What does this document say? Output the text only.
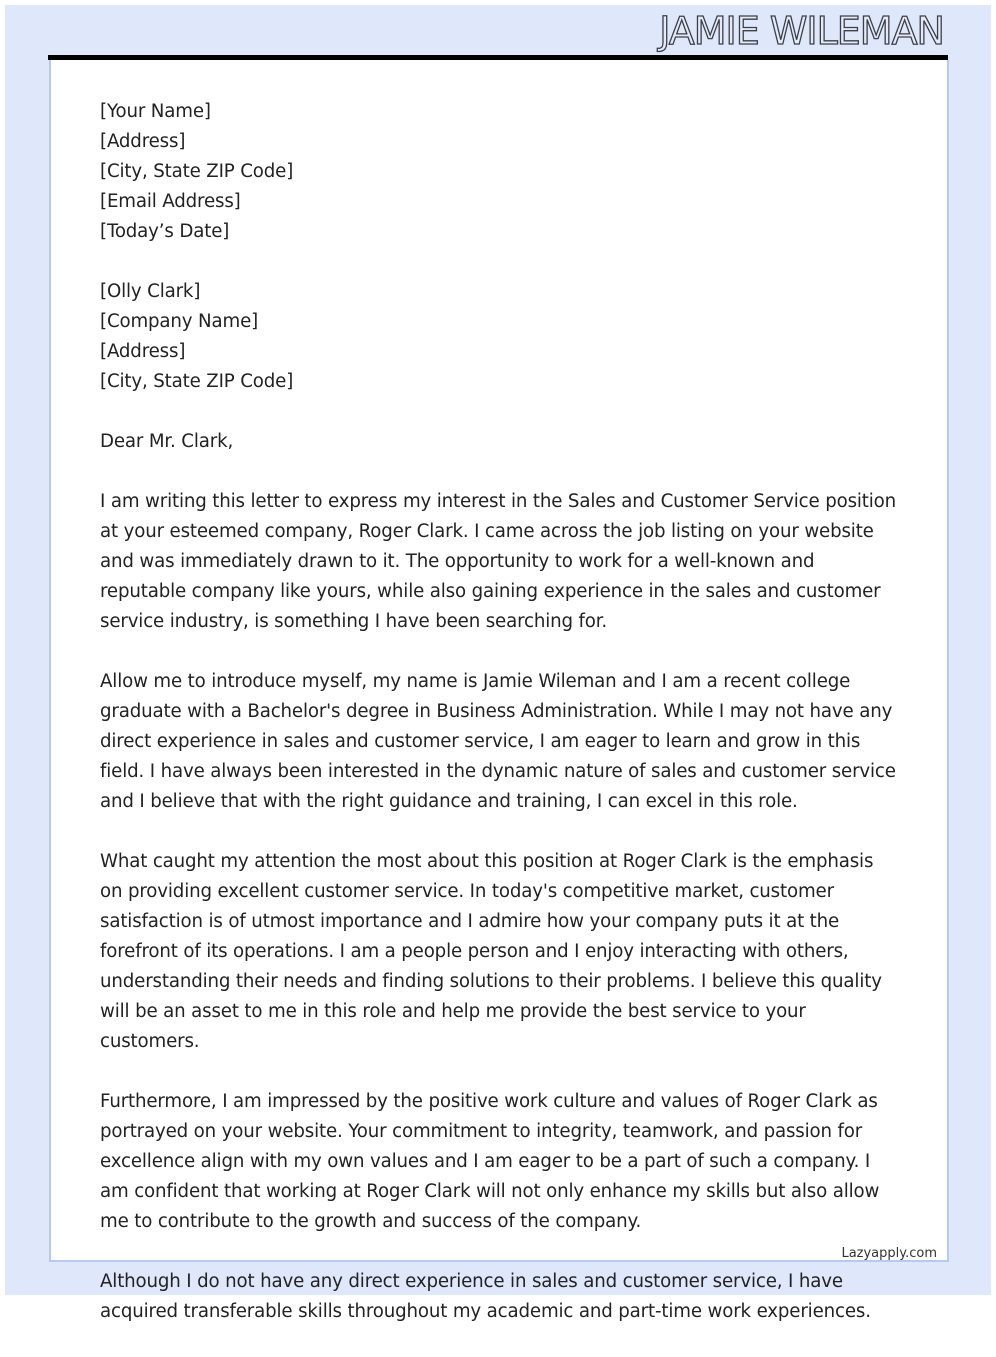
JAMIE WILEMAN
[Your Name]
[Address]
[City, State ZIP Code]
[Email Address]
[Today’s Date]
[Olly Clark]
[Company Name]
[Address]
[City, State ZIP Code]
Dear Mr. Clark,
I am writing this letter to express my interest in the Sales and Customer Service position at your esteemed company, Roger Clark. I came across the job listing on your website and was immediately drawn to it. The opportunity to work for a well-known and reputable company like yours, while also gaining experience in the sales and customer service industry, is something I have been searching for.
Allow me to introduce myself, my name is Jamie Wileman and I am a recent college graduate with a Bachelor's degree in Business Administration. While I may not have any direct experience in sales and customer service, I am eager to learn and grow in this field. I have always been interested in the dynamic nature of sales and customer service and I believe that with the right guidance and training, I can excel in this role.
What caught my attention the most about this position at Roger Clark is the emphasis on providing excellent customer service. In today's competitive market, customer satisfaction is of utmost importance and I admire how your company puts it at the forefront of its operations. I am a people person and I enjoy interacting with others, understanding their needs and finding solutions to their problems. I believe this quality will be an asset to me in this role and help me provide the best service to your customers.
Furthermore, I am impressed by the positive work culture and values of Roger Clark as portrayed on your website. Your commitment to integrity, teamwork, and passion for excellence align with my own values and I am eager to be a part of such a company. I am confident that working at Roger Clark will not only enhance my skills but also allow me to contribute to the growth and success of the company.
Although I do not have any direct experience in sales and customer service, I have acquired transferable skills throughout my academic and part-time work experiences.
Lazyapply.com
